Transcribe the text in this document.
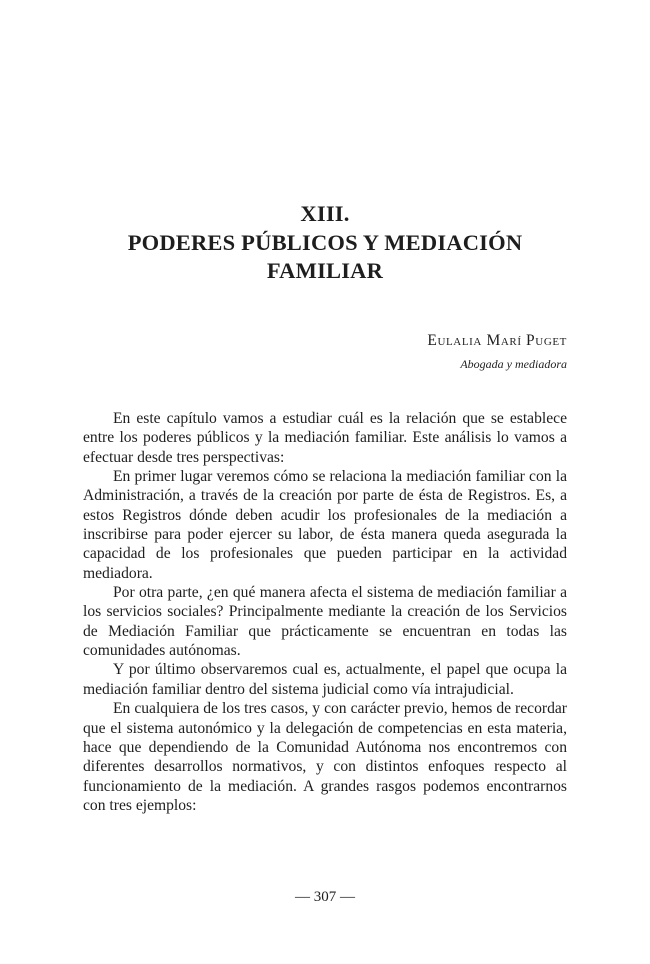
XIII.
PODERES PÚBLICOS Y MEDIACIÓN
FAMILIAR
Eulalia Marí Puget
Abogada y mediadora

En este capítulo vamos a estudiar cuál es la relación que se establece entre los poderes públicos y la mediación familiar. Este análisis lo vamos a efectuar desde tres perspectivas:

En primer lugar veremos cómo se relaciona la mediación familiar con la Administración, a través de la creación por parte de ésta de Registros. Es, a estos Registros dónde deben acudir los profesionales de la mediación a inscribirse para poder ejercer su labor, de ésta manera queda asegurada la capacidad de los profesionales que pueden participar en la actividad mediadora.

Por otra parte, ¿en qué manera afecta el sistema de mediación familiar a los servicios sociales? Principalmente mediante la creación de los Servicios de Mediación Familiar que prácticamente se encuentran en todas las comunidades autónomas.

Y por último observaremos cual es, actualmente, el papel que ocupa la mediación familiar dentro del sistema judicial como vía intrajudicial.

En cualquiera de los tres casos, y con carácter previo, hemos de recordar que el sistema autonómico y la delegación de competencias en esta materia, hace que dependiendo de la Comunidad Autónoma nos encontremos con diferentes desarrollos normativos, y con distintos enfoques respecto al funcionamiento de la mediación. A grandes rasgos podemos encontrarnos con tres ejemplos:

— 307 —
